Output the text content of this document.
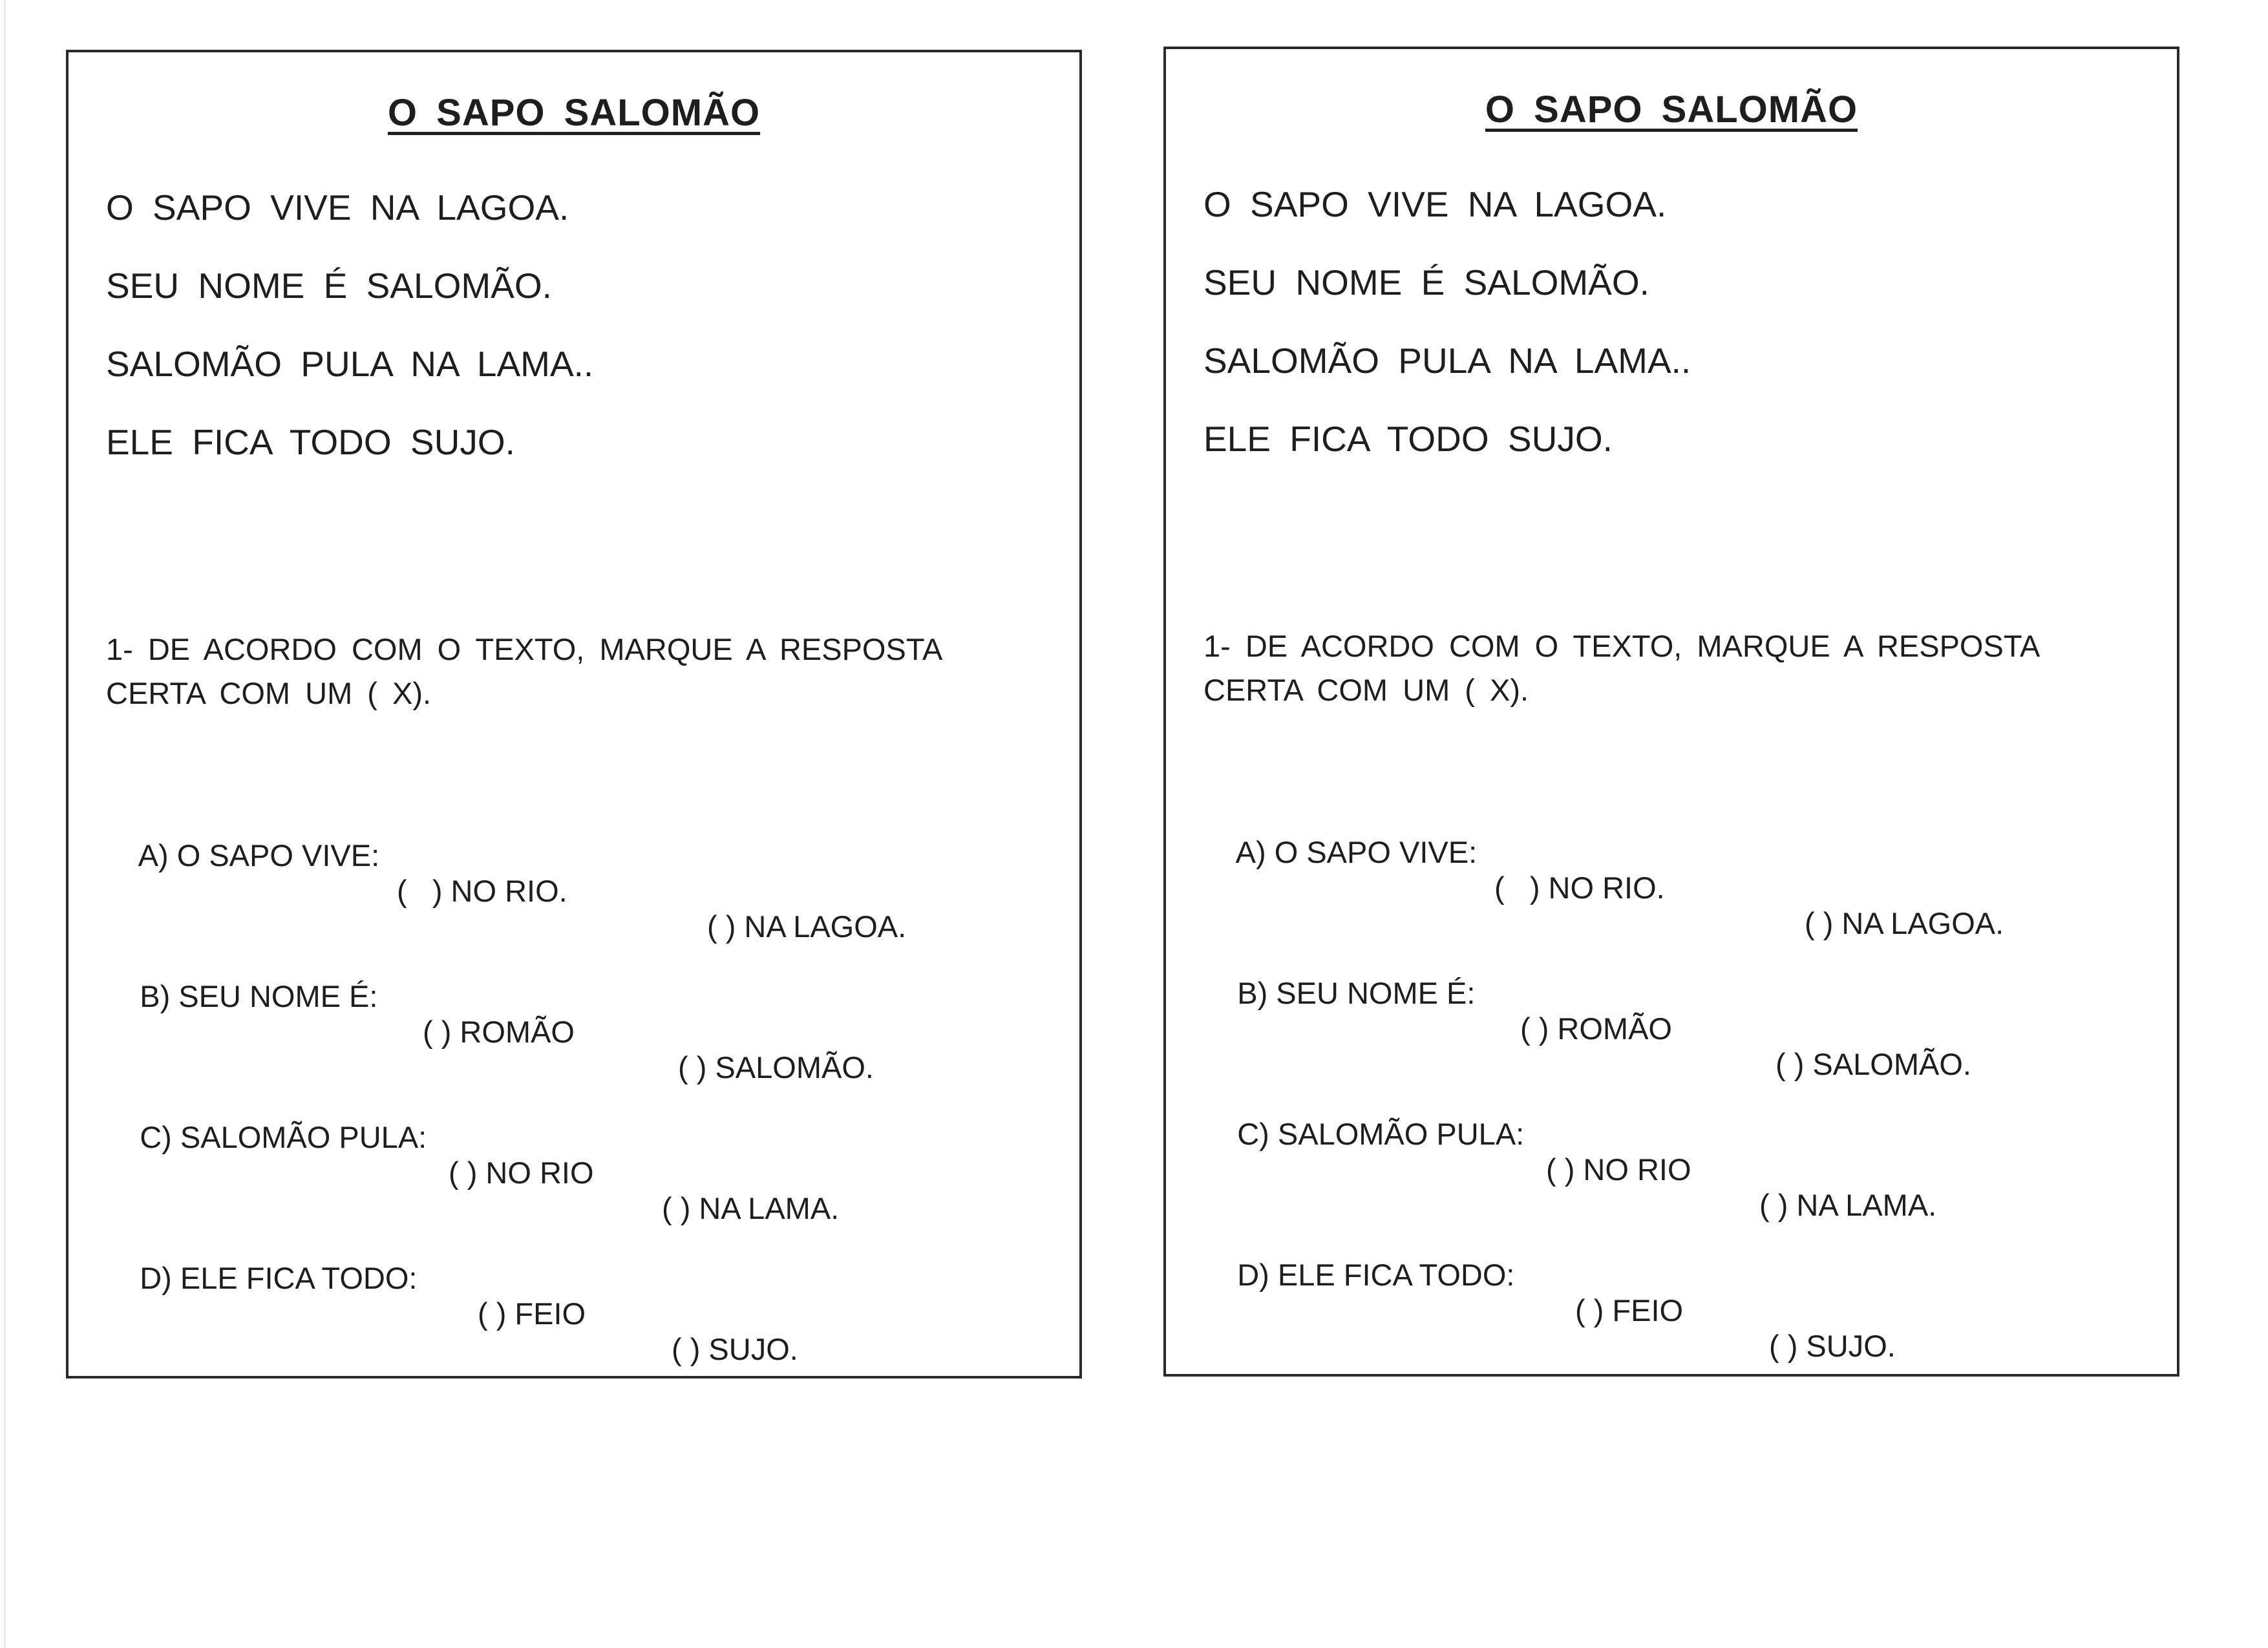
O SAPO SALOMÃO
O SAPO VIVE NA LAGOA.
SEU NOME É SALOMÃO.
SALOMÃO PULA NA LAMA..
ELE FICA TODO SUJO.
1- DE ACORDO COM O TEXTO, MARQUE A RESPOSTA CERTA COM UM ( X).

A) O SAPO VIVE:

(   ) NO RIO.

( ) NA LAGOA.

B) SEU NOME É:

( ) ROMÃO

( ) SALOMÃO.

C) SALOMÃO PULA:

( ) NO RIO

( ) NA LAMA.

D) ELE FICA TODO:

( ) FEIO

( ) SUJO.

O SAPO SALOMÃO
O SAPO VIVE NA LAGOA.
SEU NOME É SALOMÃO.
SALOMÃO PULA NA LAMA..
ELE FICA TODO SUJO.
1- DE ACORDO COM O TEXTO, MARQUE A RESPOSTA CERTA COM UM ( X).

A) O SAPO VIVE:

(   ) NO RIO.

( ) NA LAGOA.

B) SEU NOME É:

( ) ROMÃO

( ) SALOMÃO.

C) SALOMÃO PULA:

( ) NO RIO

( ) NA LAMA.

D) ELE FICA TODO:

( ) FEIO

( ) SUJO.
